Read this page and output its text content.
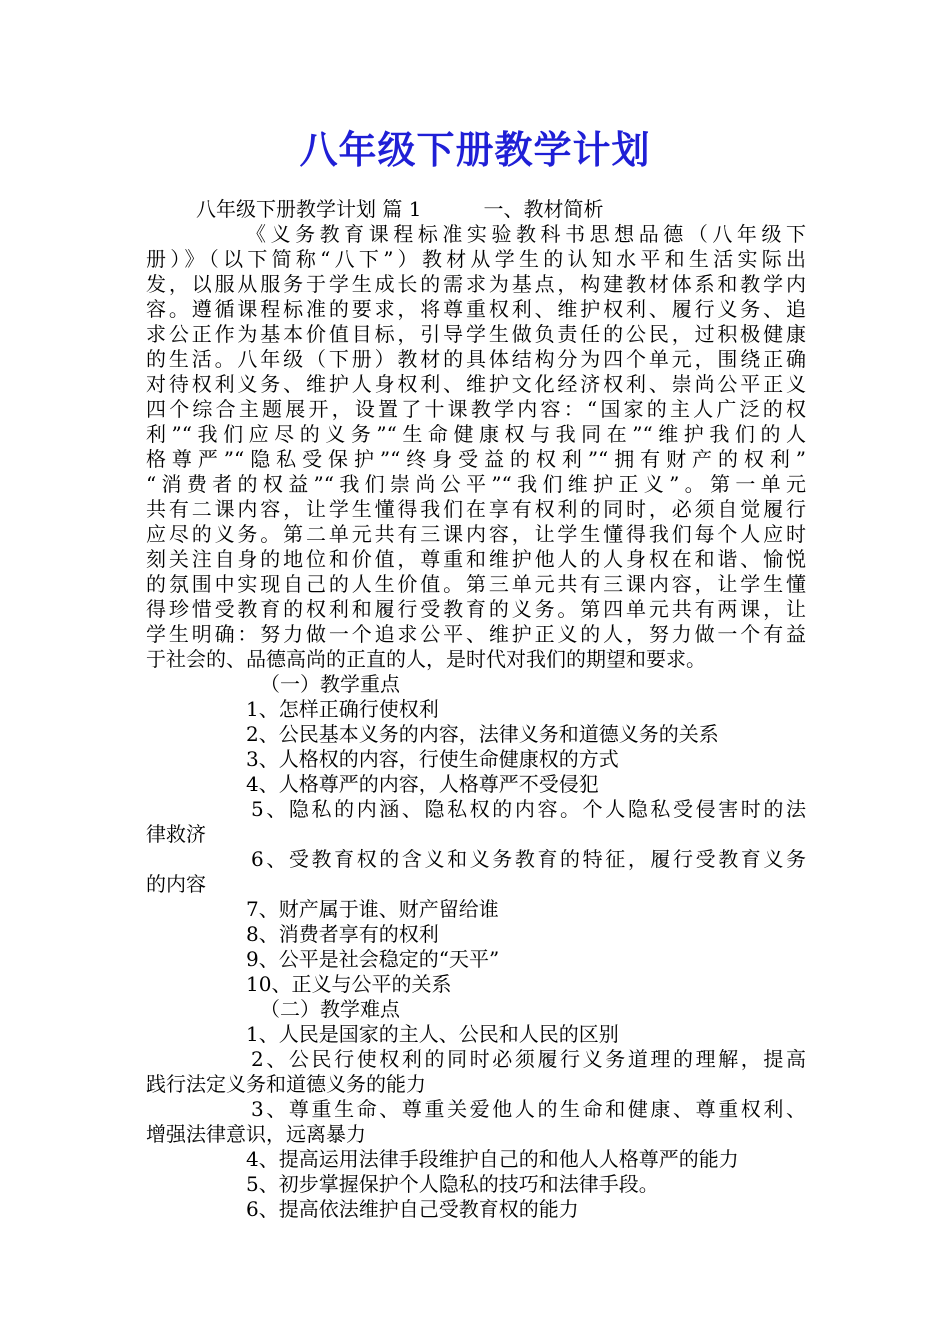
八年级下册教学计划
八年级下册教学计划 篇 1	一、教材简析
《义务教育课程标准实验教科书思想品德（八年级下
册）》（以下简称“八下”）教材从学生的认知水平和生活实际出
发，以服从服务于学生成长的需求为基点，构建教材体系和教学内
容。遵循课程标准的要求，将尊重权利、维护权利、履行义务、追
求公正作为基本价值目标，引导学生做负责任的公民，过积极健康
的生活。八年级（下册）教材的具体结构分为四个单元，围绕正确
对待权利义务、维护人身权利、维护文化经济权利、崇尚公平正义
四个综合主题展开，设置了十课教学内容：“国家的主人广泛的权
利”“我们应尽的义务”“生命健康权与我同在”“维护我们的人
格尊严”“隐私受保护”“终身受益的权利”“拥有财产的权利”
“消费者的权益”“我们崇尚公平”“我们维护正义”。第一单元
共有二课内容，让学生懂得我们在享有权利的同时，必须自觉履行
应尽的义务。第二单元共有三课内容，让学生懂得我们每个人应时
刻关注自身的地位和价值，尊重和维护他人的人身权在和谐、愉悦
的氛围中实现自己的人生价值。第三单元共有三课内容，让学生懂
得珍惜受教育的权利和履行受教育的义务。第四单元共有两课，让
学生明确：努力做一个追求公平、维护正义的人，努力做一个有益
于社会的、品德高尚的正直的人，是时代对我们的期望和要求。
（一）教学重点
1、怎样正确行使权利
2、公民基本义务的内容，法律义务和道德义务的关系
3、人格权的内容，行使生命健康权的方式
4、人格尊严的内容，人格尊严不受侵犯
5、隐私的内涵、隐私权的内容。个人隐私受侵害时的法
律救济
6、受教育权的含义和义务教育的特征，履行受教育义务
的内容
7、财产属于谁、财产留给谁
8、消费者享有的权利
9、公平是社会稳定的“天平”
10、正义与公平的关系
（二）教学难点
1、人民是国家的主人、公民和人民的区别
2、公民行使权利的同时必须履行义务道理的理解，提高
践行法定义务和道德义务的能力
3、尊重生命、尊重关爱他人的生命和健康、尊重权利、
增强法律意识，远离暴力
4、提高运用法律手段维护自己的和他人人格尊严的能力
5、初步掌握保护个人隐私的技巧和法律手段。
6、提高依法维护自己受教育权的能力
